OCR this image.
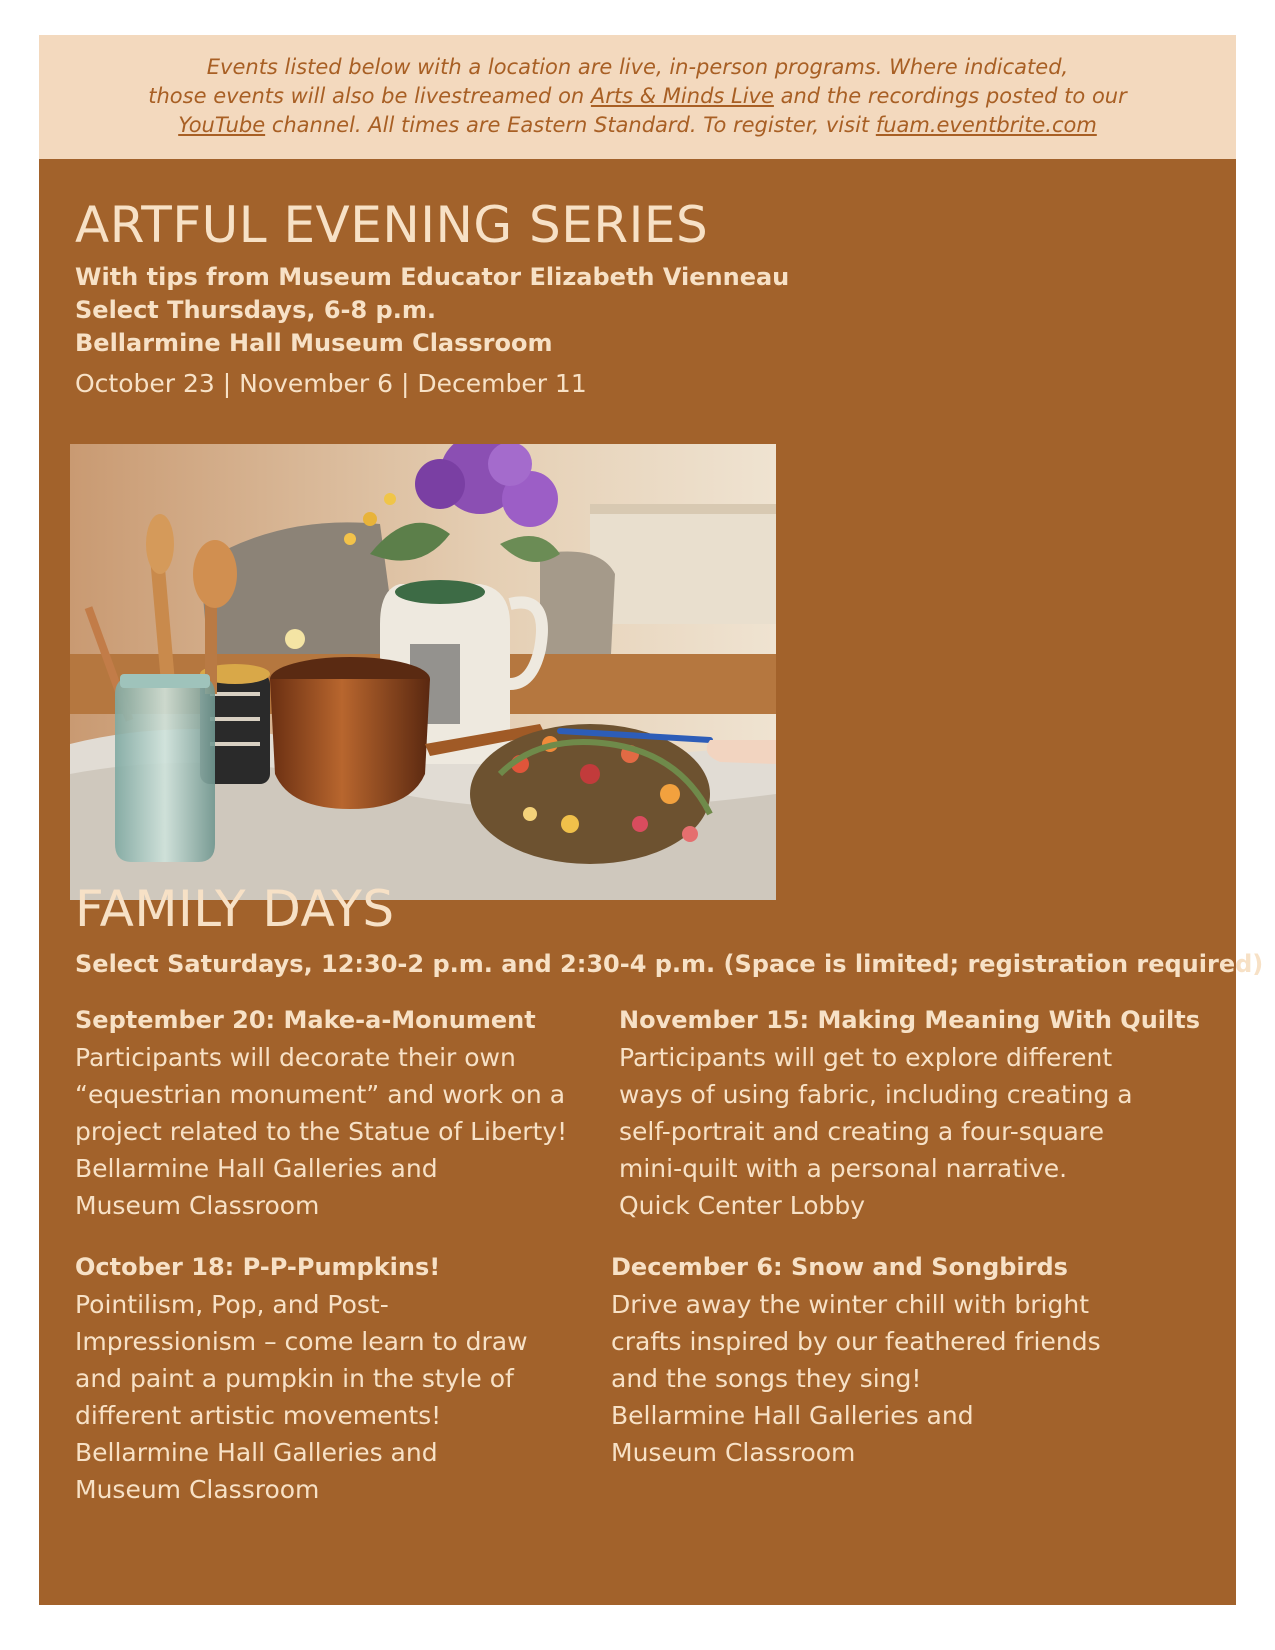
Events listed below with a location are live, in-person programs. Where indicated,
those events will also be livestreamed on Arts & Minds Live and the recordings posted to our
YouTube channel. All times are Eastern Standard. To register, visit fuam.eventbrite.com
ARTFUL EVENING SERIES
With tips from Museum Educator Elizabeth Vienneau
Select Thursdays, 6-8 p.m.
Bellarmine Hall Museum Classroom
October 23 | November 6 | December 11
FAMILY DAYS
Select Saturdays, 12:30-2 p.m. and 2:30-4 p.m. (Space is limited; registration required)
September 20: Make-a-Monument
Participants will decorate their own
“equestrian monument” and work on a
project related to the Statue of Liberty!
Bellarmine Hall Galleries and
Museum Classroom
November 15: Making Meaning With Quilts
Participants will get to explore different
ways of using fabric, including creating a
self-portrait and creating a four-square
mini-quilt with a personal narrative.
Quick Center Lobby
October 18: P-P-Pumpkins!
Pointilism, Pop, and Post-
Impressionism – come learn to draw
and paint a pumpkin in the style of
different artistic movements!
Bellarmine Hall Galleries and
Museum Classroom
December 6: Snow and Songbirds
Drive away the winter chill with bright
crafts inspired by our feathered friends
and the songs they sing!
Bellarmine Hall Galleries and
Museum Classroom
